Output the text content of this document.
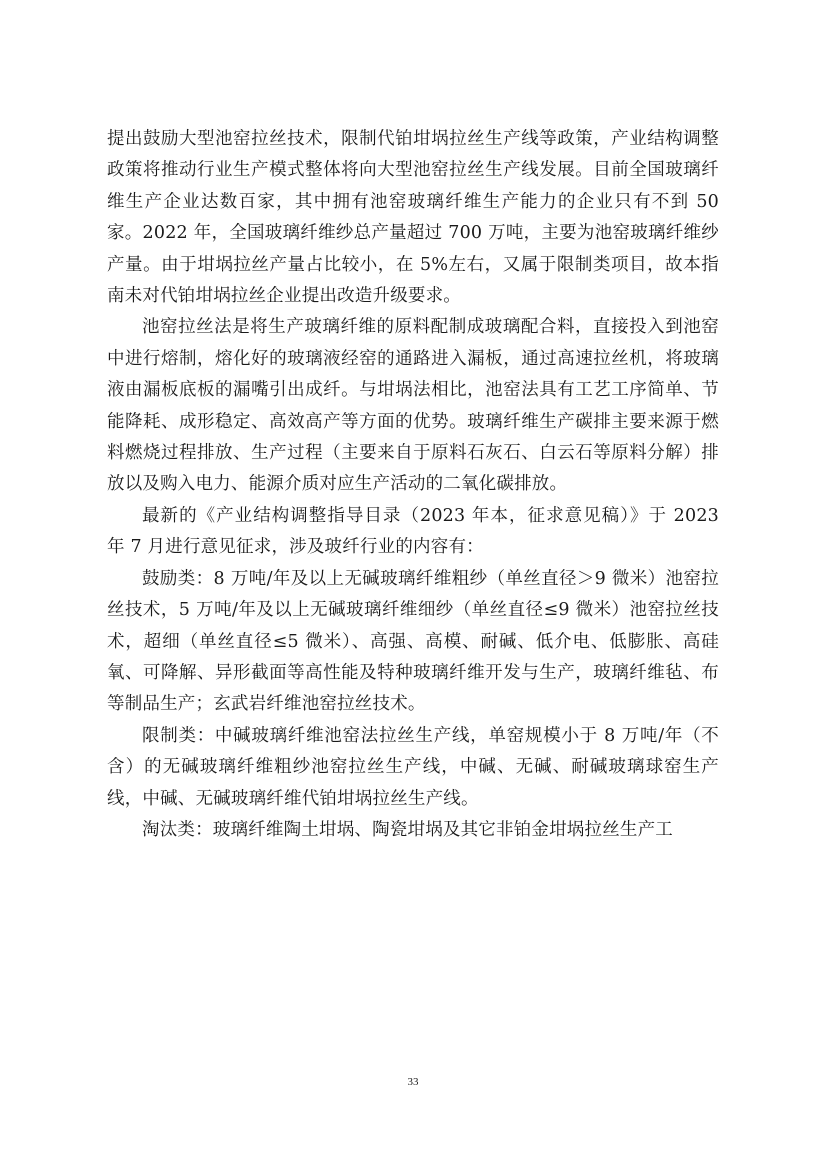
提出鼓励大型池窑拉丝技术，限制代铂坩埚拉丝生产线等政策，产业结构调整政策将推动行业生产模式整体将向大型池窑拉丝生产线发展。目前全国玻璃纤维生产企业达数百家，其中拥有池窑玻璃纤维生产能力的企业只有不到 50 家。2022 年，全国玻璃纤维纱总产量超过 700 万吨，主要为池窑玻璃纤维纱产量。由于坩埚拉丝产量占比较小，在 5%左右，又属于限制类项目，故本指南未对代铂坩埚拉丝企业提出改造升级要求。

池窑拉丝法是将生产玻璃纤维的原料配制成玻璃配合料，直接投入到池窑中进行熔制，熔化好的玻璃液经窑的通路进入漏板，通过高速拉丝机，将玻璃液由漏板底板的漏嘴引出成纤。与坩埚法相比，池窑法具有工艺工序简单、节能降耗、成形稳定、高效高产等方面的优势。玻璃纤维生产碳排主要来源于燃料燃烧过程排放、生产过程（主要来自于原料石灰石、白云石等原料分解）排放以及购入电力、能源介质对应生产活动的二氧化碳排放。

最新的《产业结构调整指导目录（2023 年本，征求意见稿）》于 2023 年 7 月进行意见征求，涉及玻纤行业的内容有：

鼓励类：8 万吨/年及以上无碱玻璃纤维粗纱（单丝直径＞9 微米）池窑拉丝技术，5 万吨/年及以上无碱玻璃纤维细纱（单丝直径≤9 微米）池窑拉丝技术，超细（单丝直径≤5 微米）、高强、高模、耐碱、低介电、低膨胀、高硅氧、可降解、异形截面等高性能及特种玻璃纤维开发与生产，玻璃纤维毡、布等制品生产；玄武岩纤维池窑拉丝技术。

限制类：中碱玻璃纤维池窑法拉丝生产线，单窑规模小于 8 万吨/年（不含）的无碱玻璃纤维粗纱池窑拉丝生产线，中碱、无碱、耐碱玻璃球窑生产线，中碱、无碱玻璃纤维代铂坩埚拉丝生产线。

淘汰类：玻璃纤维陶土坩埚、陶瓷坩埚及其它非铂金坩埚拉丝生产工

33
